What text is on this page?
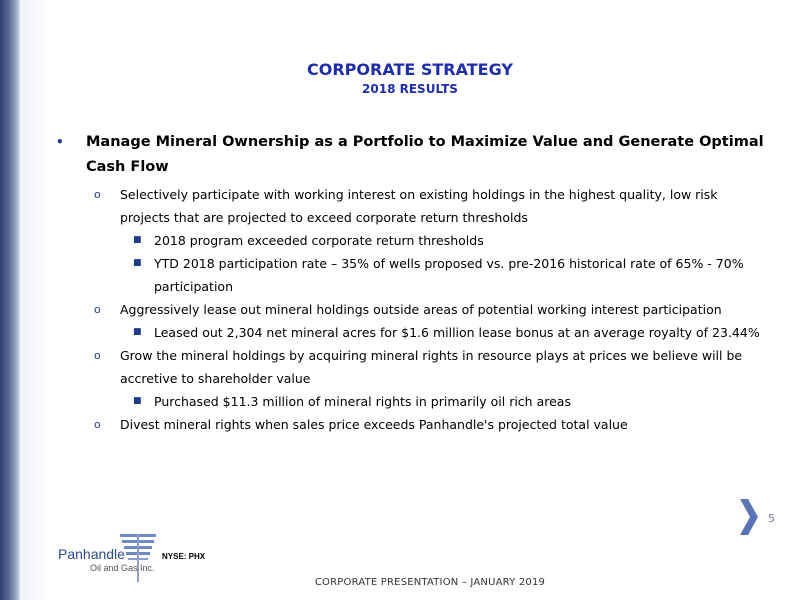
CORPORATE STRATEGY
2018 RESULTS
• Manage Mineral Ownership as a Portfolio to Maximize Value and Generate Optimal Cash Flow
o Selectively participate with working interest on existing holdings in the highest quality, low risk projects that are projected to exceed corporate return thresholds
■ 2018 program exceeded corporate return thresholds
■ YTD 2018 participation rate – 35% of wells proposed vs. pre-2016 historical rate of 65% - 70% participation
o Aggressively lease out mineral holdings outside areas of potential working interest participation
■ Leased out 2,304 net mineral acres for $1.6 million lease bonus at an average royalty of 23.44%
o Grow the mineral holdings by acquiring mineral rights in resource plays at prices we believe will be accretive to shareholder value
■ Purchased $11.3 million of mineral rights in primarily oil rich areas
o Divest mineral rights when sales price exceeds Panhandle's projected total value
5
Panhandle
Oil and Gas Inc.
NYSE: PHX
CORPORATE PRESENTATION – JANUARY 2019
